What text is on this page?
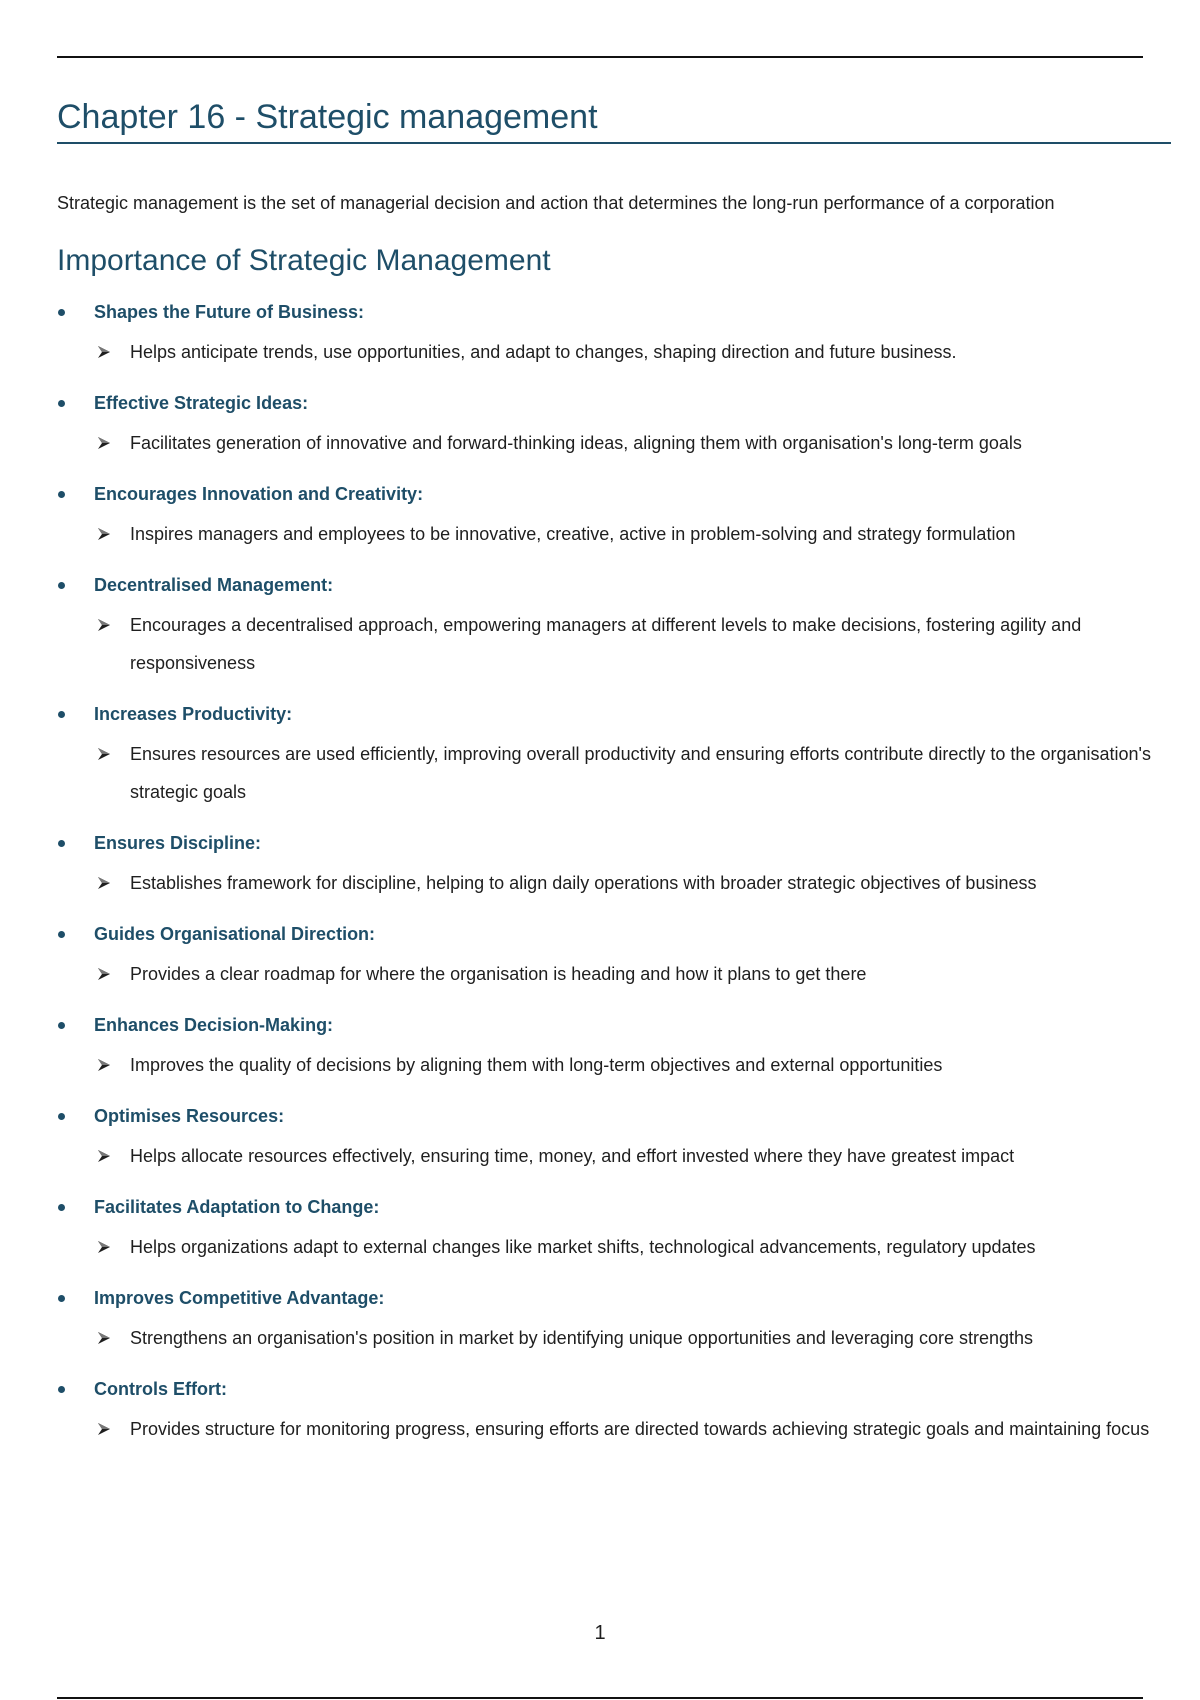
Chapter 16 - Strategic management

Strategic management is the set of managerial decision and action that determines the long-run performance of a corporation

Importance of Strategic Management
Shapes the Future of Business:
Helps anticipate trends, use opportunities, and adapt to changes, shaping direction and future business.
Effective Strategic Ideas:
Facilitates generation of innovative and forward-thinking ideas, aligning them with organisation's long-term goals
Encourages Innovation and Creativity:
Inspires managers and employees to be innovative, creative, active in problem-solving and strategy formulation
Decentralised Management:
Encourages a decentralised approach, empowering managers at different levels to make decisions, fostering agility and responsiveness
Increases Productivity:
Ensures resources are used efficiently, improving overall productivity and ensuring efforts contribute directly to the organisation's strategic goals
Ensures Discipline:
Establishes framework for discipline, helping to align daily operations with broader strategic objectives of business
Guides Organisational Direction:
Provides a clear roadmap for where the organisation is heading and how it plans to get there
Enhances Decision-Making:
Improves the quality of decisions by aligning them with long-term objectives and external opportunities
Optimises Resources:
Helps allocate resources effectively, ensuring time, money, and effort invested where they have greatest impact
Facilitates Adaptation to Change:
Helps organizations adapt to external changes like market shifts, technological advancements, regulatory updates
Improves Competitive Advantage:
Strengthens an organisation's position in market by identifying unique opportunities and leveraging core strengths
Controls Effort:
Provides structure for monitoring progress, ensuring efforts are directed towards achieving strategic goals and maintaining focus
1
